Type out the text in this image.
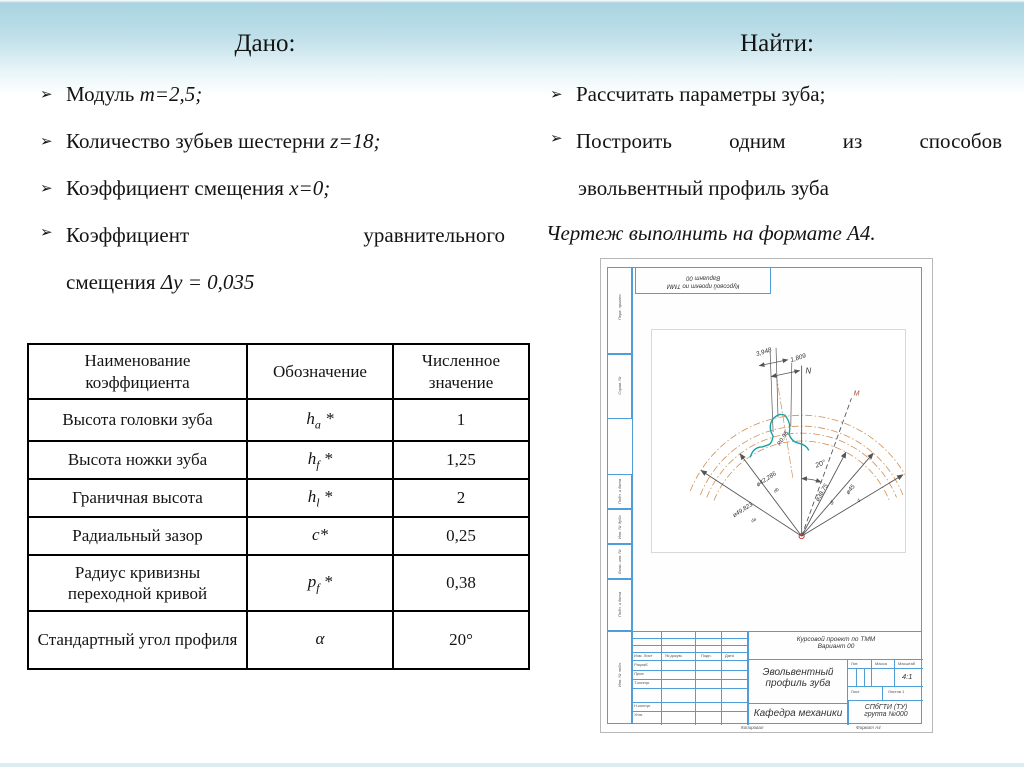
Дано:	Найти:
➢ Модуль m=2,5;
➢ Количество зубьев шестерни z=18;
➢ Коэффициент смещения x=0;
➢ Коэффициент	уравнительного
смещения Δy = 0,035
➢ Рассчитать параметры зуба;
➢ Построить одним из способов
эвольвентный профиль зуба
Чертеж выполнить на формате А4.
Наименование коэффициента	Обозначение	Численное значение
Высота головки зуба	$h_a$ *	1
Высота ножки зуба	$h_f$ *	1,25
Граничная высота	$h_l$ *	2
Радиальный зазор	c*	0,25
Радиус кривизны переходной кривой	$p_f$ *	0,38
Стандартный угол профиля	α	20°
Перв. примен.
Справ. №
Подп. и дата
Инв. № дубл.
Взам. инв. №
Подп. и дата
Инв. № подл.
Курсовой проект по ТММ
Вариант 00
3,948
1,809
N
M
20°
R0,95
ø49,823
da
ø42,286
db	ø38,75
df
ø45
d
Изм. Лист	№ докум.	Подп.	Дата
Разраб.
Пров.
Т.контр.
Н.контр.
Утв.
Курсовой проект по ТММ
Вариант 00
Эвольвентный
профиль зуба
Кафедра механики
Лит.	Масса	Масштаб
4:1
Лист	Листов 1
СПбГТИ (ТУ)
группа №000
Копировал	Формат А4
